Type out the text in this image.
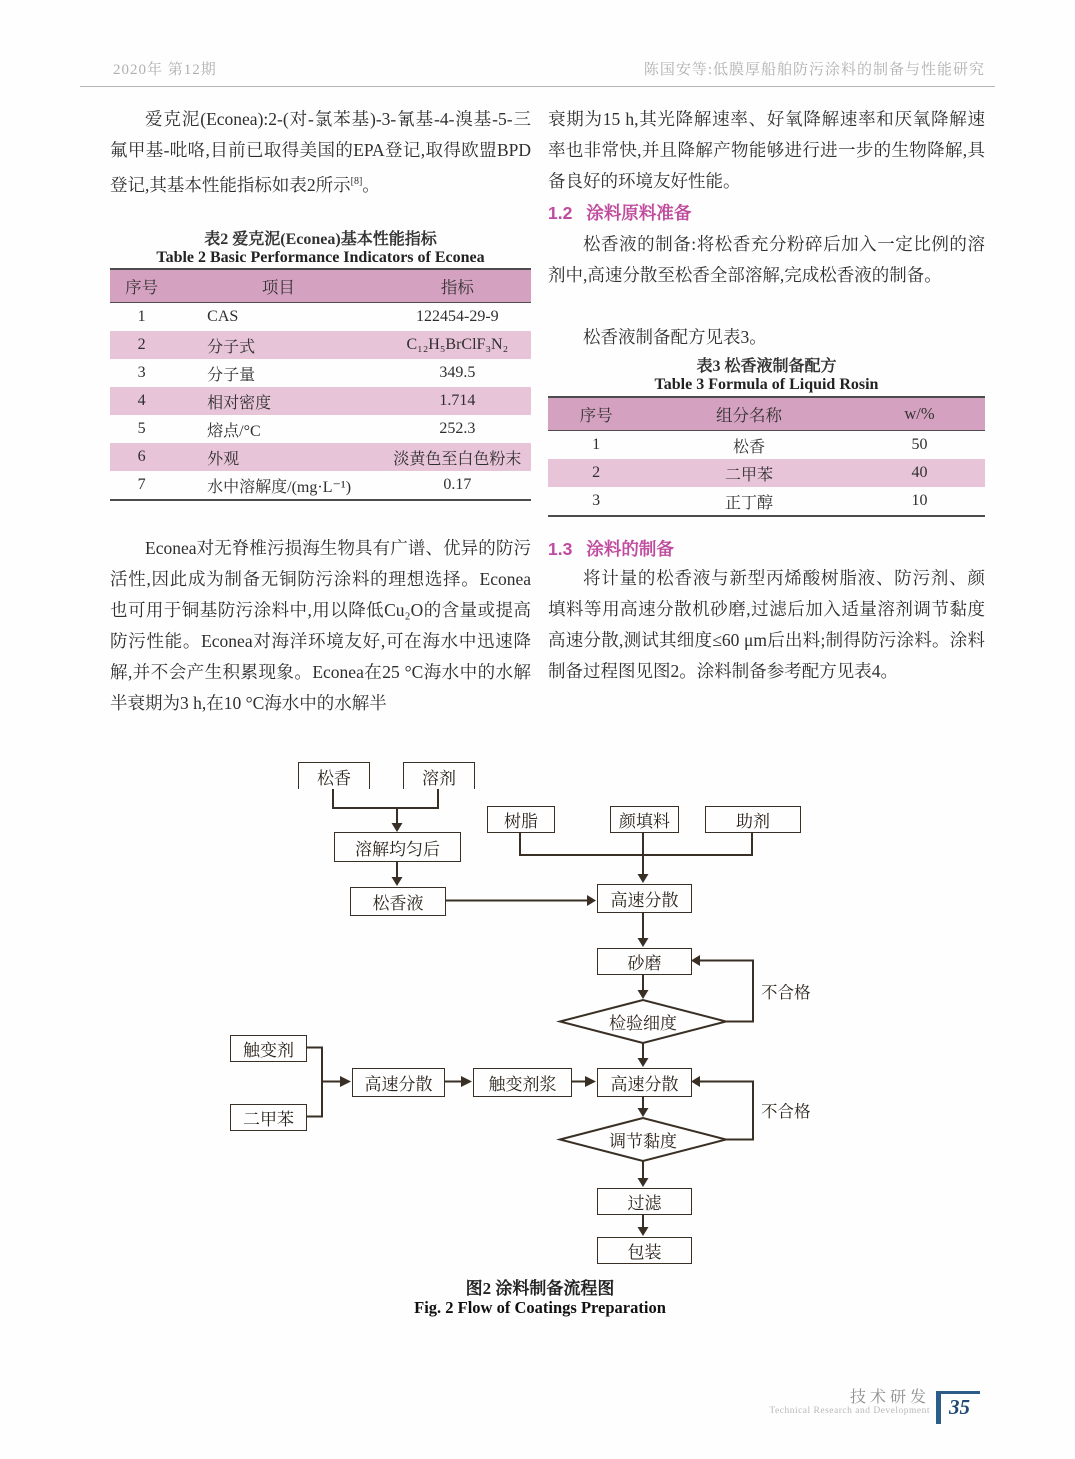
2020年 第12期	陈国安等:低膜厚船舶防污涂料的制备与性能研究

爱克泥(Econea):2-(对-氯苯基)-3-氰基-4-溴基-5-三氟甲基-吡咯,目前已取得美国的EPA登记,取得欧盟BPD登记,其基本性能指标如表2所示[8]。

表2 爱克泥(Econea)基本性能指标
Table 2 Basic Performance Indicators of Econea
序号	项目	指标
1	CAS	122454-29-9
2	分子式	C₁₂H₅BrClF₃N₂
3	分子量	349.5
4	相对密度	1.714
5	熔点/°C	252.3
6	外观	淡黄色至白色粉末
7	水中溶解度/(mg·L⁻¹)	0.17

Econea对无脊椎污损海生物具有广谱、优异的防污活性,因此成为制备无铜防污涂料的理想选择。Econea也可用于铜基防污涂料中,用以降低Cu₂O的含量或提高防污性能。Econea对海洋环境友好,可在海水中迅速降解,并不会产生积累现象。Econea在25 °C海水中的水解半衰期为3 h,在10 °C海水中的水解半

衰期为15 h,其光降解速率、好氧降解速率和厌氧降解速率也非常快,并且降解产物能够进行进一步的生物降解,具备良好的环境友好性能。

1.2 涂料原料准备

松香液的制备:将松香充分粉碎后加入一定比例的溶剂中,高速分散至松香全部溶解,完成松香液的制备。

松香液制备配方见表3。

表3 松香液制备配方
Table 3 Formula of Liquid Rosin
序号	组分名称	w/%
1	松香	50
2	二甲苯	40
3	正丁醇	10
1.3 涂料的制备

将计量的松香液与新型丙烯酸树脂液、防污剂、颜填料等用高速分散机砂磨,过滤后加入适量溶剂调节黏度高速分散,测试其细度≤60 μm后出料;制得防污涂料。涂料制备过程图见图2。涂料制备参考配方见表4。

松香	溶剂
溶解均匀后
松香液
树脂	颜填料	助剂
高速分散
砂磨
检验细度
触变剂
二甲苯
高速分散	触变剂浆	高速分散
调节黏度
过滤
包装
不合格
不合格
图2 涂料制备流程图
Fig. 2 Flow of Coatings Preparation
技术研发
Technical Research and Development 35
